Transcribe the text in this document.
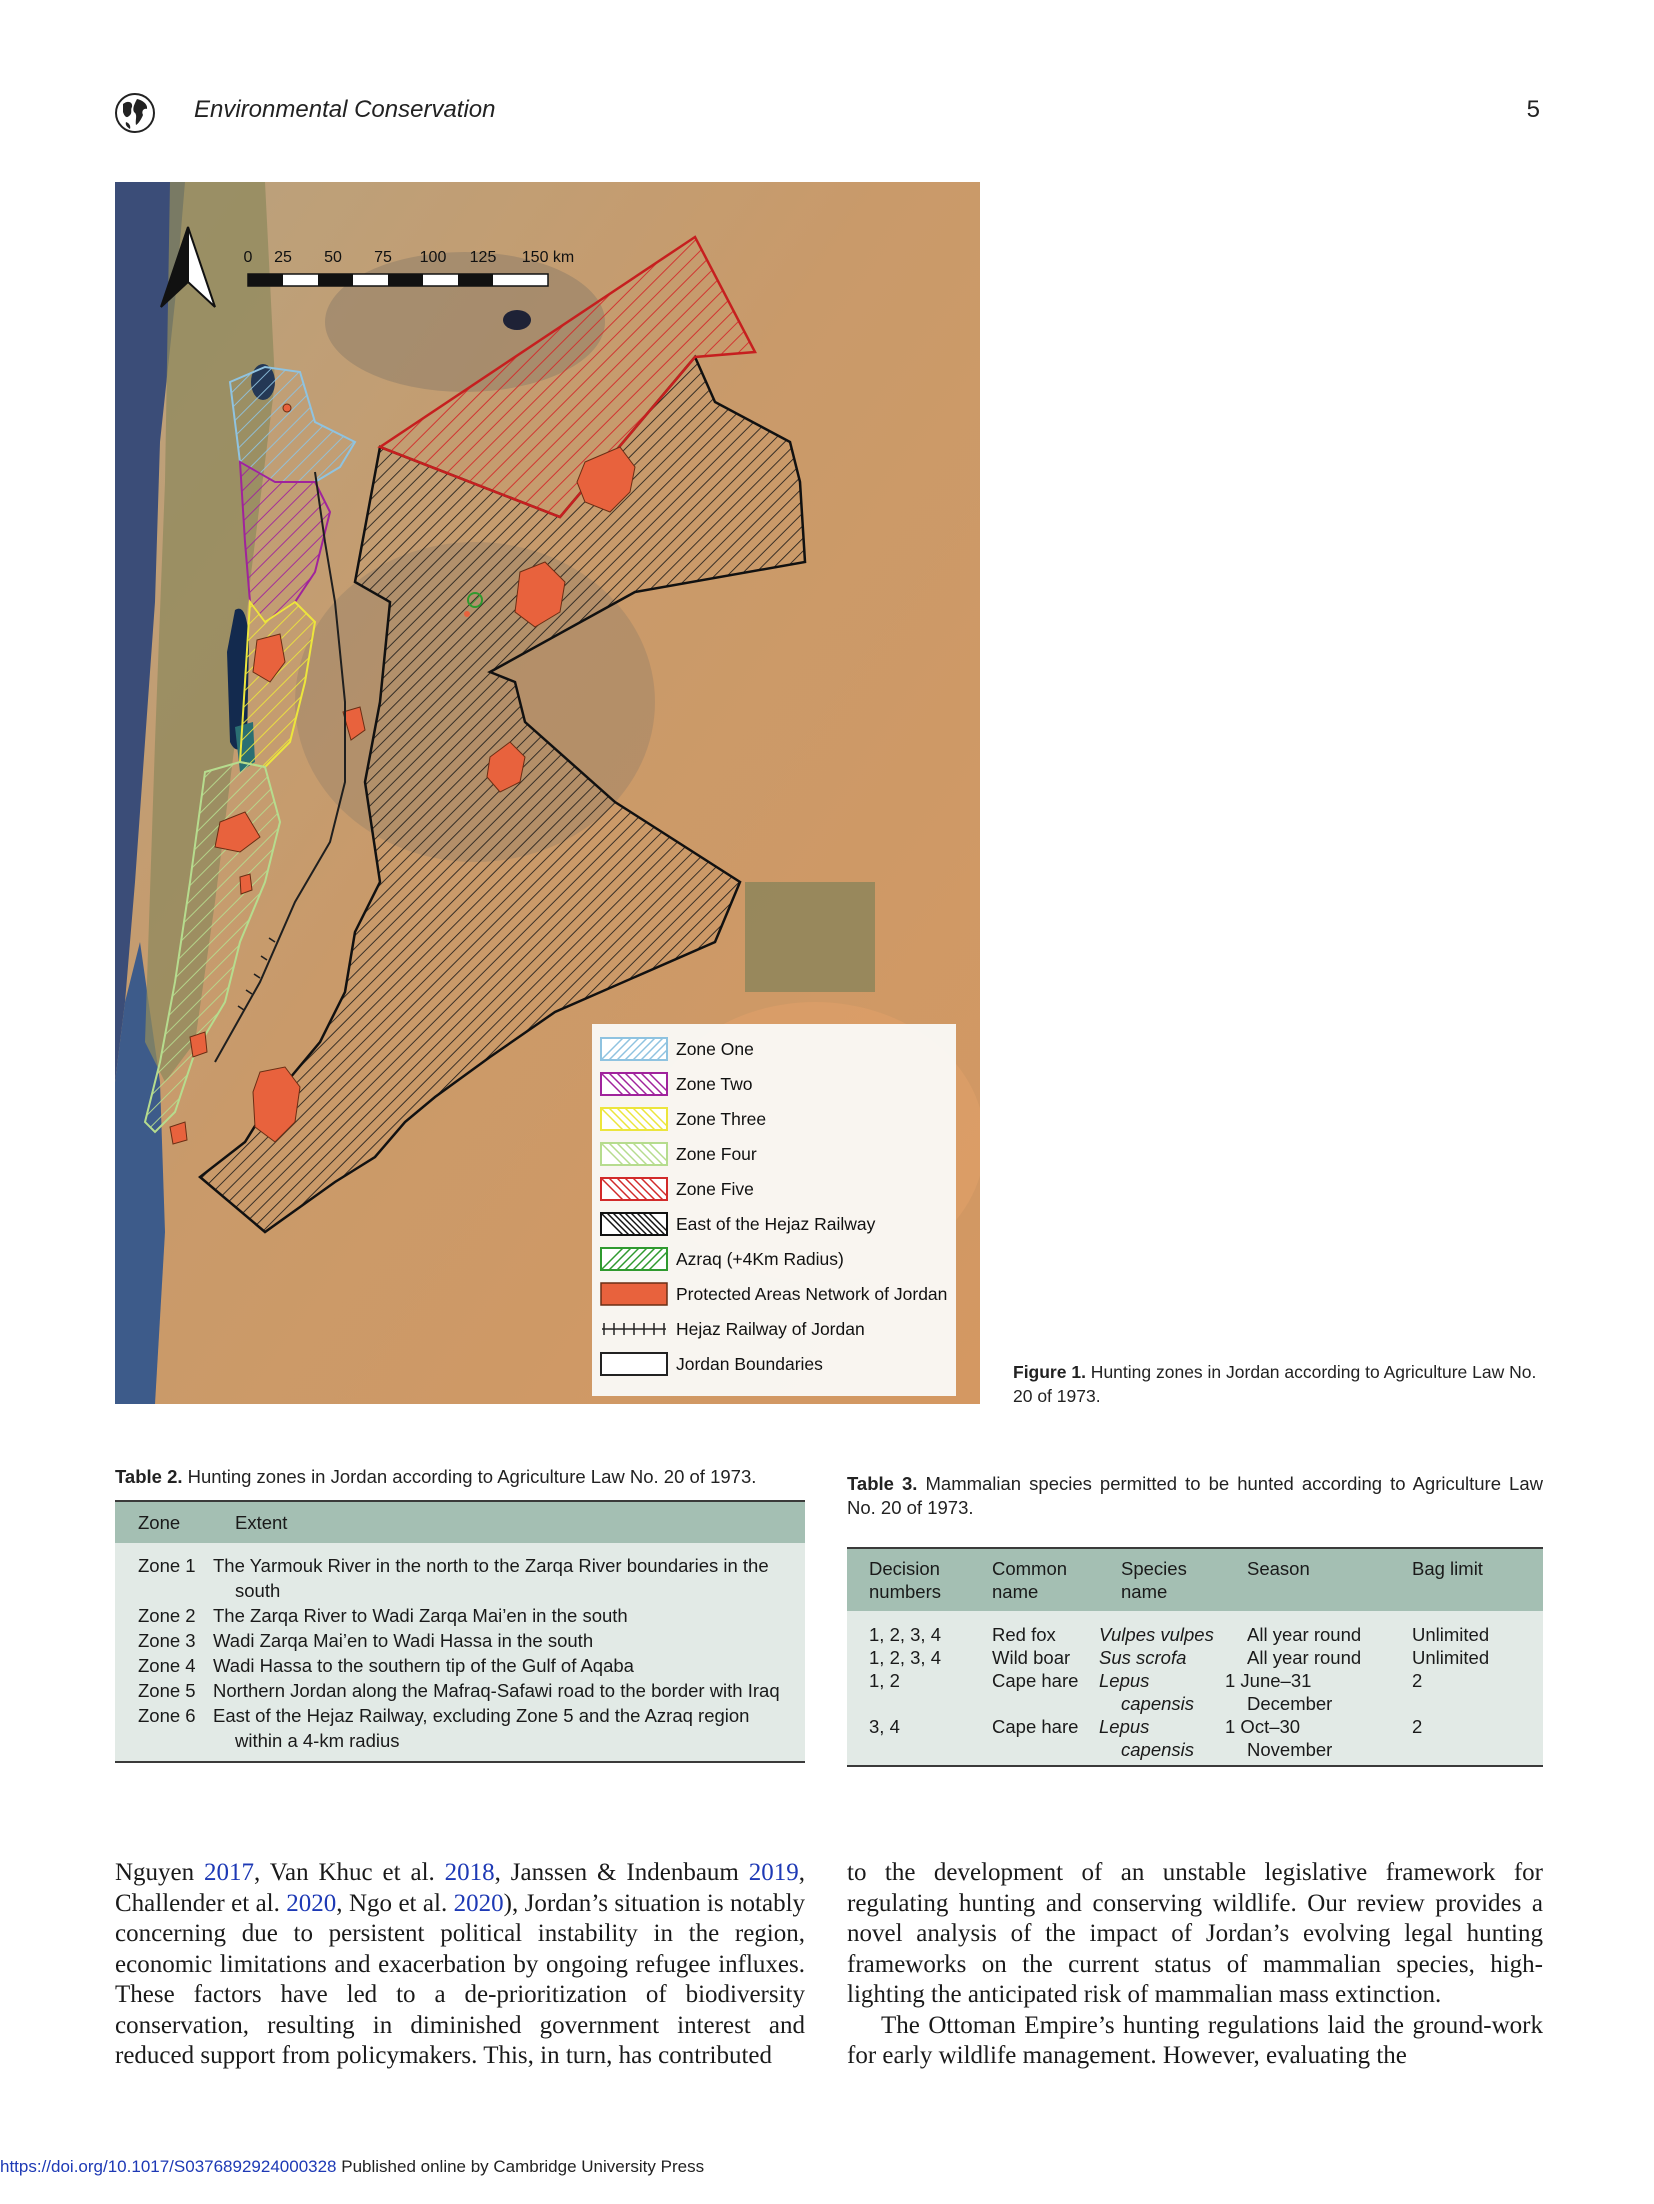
Environmental Conservation	5
0 25 50 75 100 125 150 km
Zone One
Zone Two
Zone Three
Zone Four
Zone Five
East of the Hejaz Railway
Azraq (+4Km Radius)
Protected Areas Network of Jordan
Hejaz Railway of Jordan
Jordan Boundaries	Figure 1. Hunting zones in Jordan according to Agriculture Law No. 20 of 1973.
Table 2. Hunting zones in Jordan according to Agriculture Law No. 20 of 1973.
Zone	Extent
Zone 1	The Yarmouk River in the north to the Zarqa River boundaries in the south
Zone 2	The Zarqa River to Wadi Zarqa Mai’en in the south
Zone 3	Wadi Zarqa Mai’en to Wadi Hassa in the south
Zone 4	Wadi Hassa to the southern tip of the Gulf of Aqaba
Zone 5	Northern Jordan along the Mafraq-Safawi road to the border with Iraq
Zone 6	East of the Hejaz Railway, excluding Zone 5 and the Azraq region within a 4-km radius
Table 3. Mammalian species permitted to be hunted according to Agriculture Law No. 20 of 1973.
Decision numbers	Common name	Species name	Season	Bag limit
1, 2, 3, 4	Red fox	Vulpes vulpes	All year round	Unlimited
1, 2, 3, 4	Wild boar	Sus scrofa	All year round	Unlimited
1, 2	Cape hare	Lepus capensis	1 June–31 December	2
3, 4	Cape hare	Lepus capensis	1 Oct–30 November	2
Nguyen 2017, Van Khuc et al. 2018, Janssen & Indenbaum 2019, Challender et al. 2020, Ngo et al. 2020), Jordan’s situation is notably concerning due to persistent political instability in the region, economic limitations and exacerbation by ongoing refugee influxes. These factors have led to a de-prioritization of biodiversity conservation, resulting in diminished government interest and reduced support from policymakers. This, in turn, has contributed
to the development of an unstable legislative framework for regulating hunting and conserving wildlife. Our review provides a novel analysis of the impact of Jordan’s evolving legal hunting frameworks on the current status of mammalian species, high-lighting the anticipated risk of mammalian mass extinction.
The Ottoman Empire’s hunting regulations laid the ground-work for early wildlife management. However, evaluating the
https://doi.org/10.1017/S0376892924000328 Published online by Cambridge University Press
